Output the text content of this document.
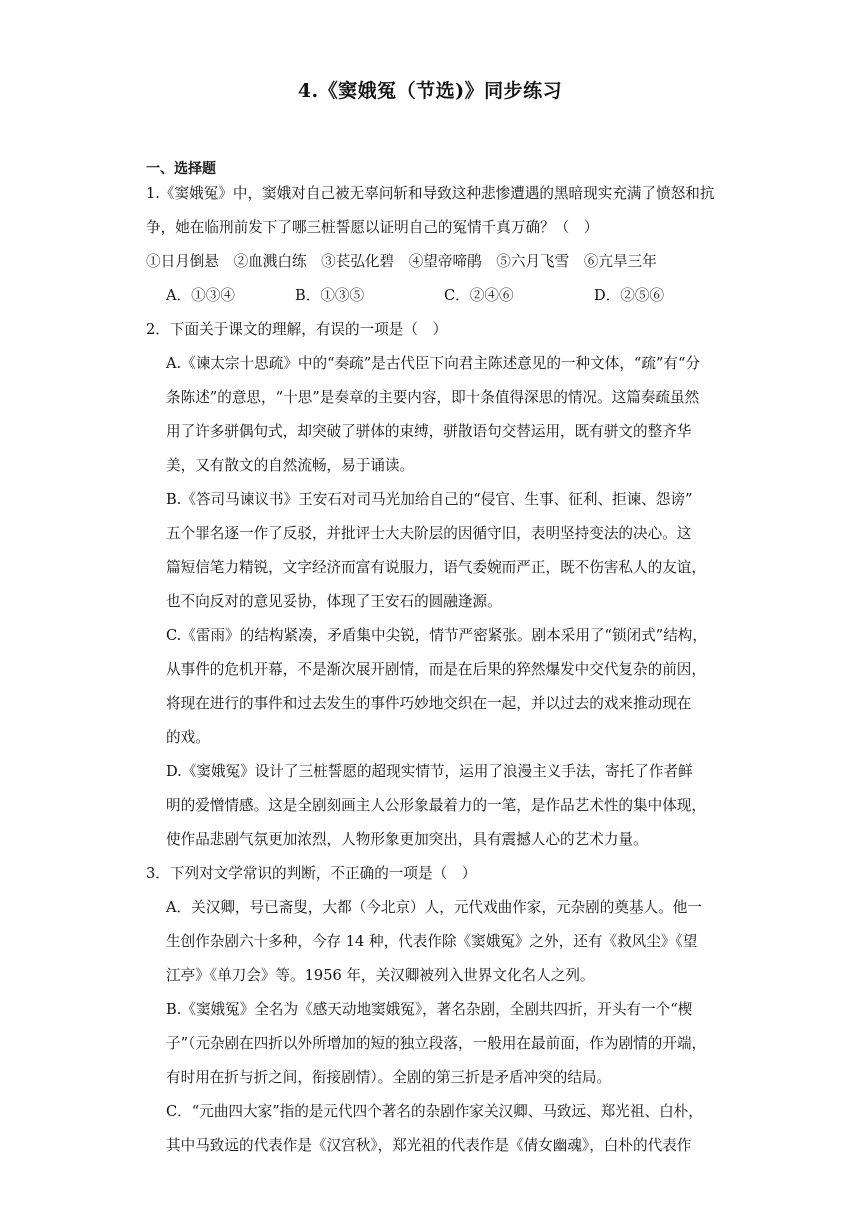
4.《窦娥冤（节选)》同步练习
一、选择题
1.《窦娥冤》中，窦娥对自己被无辜问斩和导致这种悲惨遭遇的黑暗现实充满了愤怒和抗
争，她在临刑前发下了哪三桩誓愿以证明自己的冤情千真万确？（　）
①日月倒悬　②血溅白练　③苌弘化碧　④望帝啼鹃　⑤六月飞雪　⑥亢旱三年
A．①③④	B．①③⑤	C．②④⑥	D．②⑤⑥
2．下面关于课文的理解，有误的一项是（　）
A.《谏太宗十思疏》中的“奏疏”是古代臣下向君主陈述意见的一种文体，“疏”有“分
条陈述”的意思，“十思”是奏章的主要内容，即十条值得深思的情况。这篇奏疏虽然
用了许多骈偶句式，却突破了骈体的束缚，骈散语句交替运用，既有骈文的整齐华
美，又有散文的自然流畅，易于诵读。
B.《答司马谏议书》王安石对司马光加给自己的“侵官、生事、征利、拒谏、怨谤”
五个罪名逐一作了反驳，并批评士大夫阶层的因循守旧，表明坚持变法的决心。这
篇短信笔力精锐，文字经济而富有说服力，语气委婉而严正，既不伤害私人的友谊，
也不向反对的意见妥协，体现了王安石的圆融逢源。
C.《雷雨》的结构紧凑，矛盾集中尖锐，情节严密紧张。剧本采用了“锁闭式”结构，
从事件的危机开幕，不是渐次展开剧情，而是在后果的猝然爆发中交代复杂的前因，
将现在进行的事件和过去发生的事件巧妙地交织在一起，并以过去的戏来推动现在
的戏。
D.《窦娥冤》设计了三桩誓愿的超现实情节，运用了浪漫主义手法，寄托了作者鲜
明的爱憎情感。这是全剧刻画主人公形象最着力的一笔，是作品艺术性的集中体现，
使作品悲剧气氛更加浓烈，人物形象更加突出，具有震撼人心的艺术力量。
3．下列对文学常识的判断，不正确的一项是（　）
A．关汉卿，号已斋叟，大都（今北京）人，元代戏曲作家，元杂剧的奠基人。他一
生创作杂剧六十多种，今存 14 种，代表作除《窦娥冤》之外，还有《救风尘》《望
江亭》《单刀会》等。1956 年，关汉卿被列入世界文化名人之列。
B.《窦娥冤》全名为《感天动地窦娥冤》，著名杂剧，全剧共四折，开头有一个“楔
子”（元杂剧在四折以外所增加的短的独立段落，一般用在最前面，作为剧情的开端，
有时用在折与折之间，衔接剧情）。全剧的第三折是矛盾冲突的结局。
C．“元曲四大家”指的是元代四个著名的杂剧作家关汉卿、马致远、郑光祖、白朴，
其中马致远的代表作是《汉宫秋》，郑光祖的代表作是《倩女幽魂》，白朴的代表作
